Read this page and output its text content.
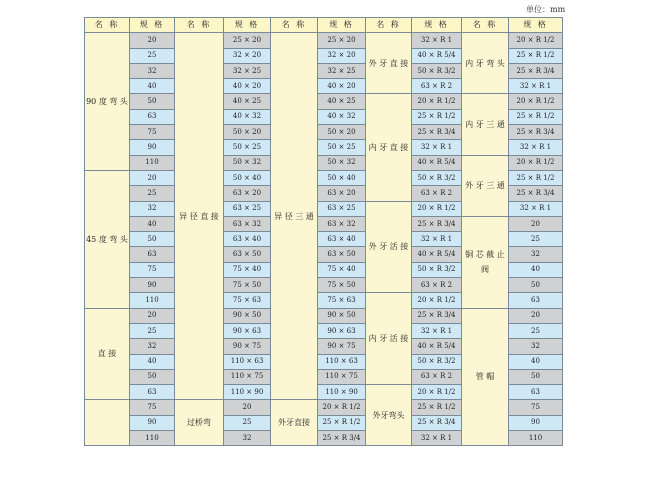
单位：mm
名 称	规 格	名 称	规 格	名 称	规 格	名 称	规 格	名 称	规 格
90 度 弯 头	20	异 径 直 接	25 × 20	异 径 三 通	25 × 20	外 牙 直 接	32 × R 1	内 牙 弯 头	20 × R 1/2
	25		32 × 20		32 × 20		40 × R 5/4		25 × R 1/2
	32		32 × 25		32 × 25		50 × R 3/2		25 × R 3/4
	40		40 × 20		40 × 20		63 × R 2		32 × R 1
	50		40 × 25		40 × 25	内 牙 直 接	20 × R 1/2	内 牙 三 通	20 × R 1/2
	63		40 × 32		40 × 32		25 × R 1/2		25 × R 1/2
	75		50 × 20		50 × 20		25 × R 3/4		25 × R 3/4
	90		50 × 25		50 × 25		32 × R 1		32 × R 1
	110		50 × 32		50 × 32		40 × R 5/4	外 牙 三 通	20 × R 1/2
45 度 弯 头	20		50 × 40		50 × 40		50 × R 3/2		25 × R 1/2
	25		63 × 20		63 × 20		63 × R 2		25 × R 3/4
	32		63 × 25		63 × 25	外 牙 活 接	20 × R 1/2		32 × R 1
	40		63 × 32		63 × 32		25 × R 3/4	铜 芯 截 止 阀	20
	50		63 × 40		63 × 40		32 × R 1		25
	63		63 × 50		63 × 50		40 × R 5/4		32
	75		75 × 40		75 × 40		50 × R 3/2		40
	90		75 × 50		75 × 50		63 × R 2		50
	110		75 × 63		75 × 63	内 牙 活 接	20 × R 1/2		63
直 接	20		90 × 50		90 × 50		25 × R 3/4	管 帽	20
	25		90 × 63		90 × 63		32 × R 1		25
	32		90 × 75		90 × 75		40 × R 5/4		32
	40		110 × 63		110 × 63		50 × R 3/2		40
	50		110 × 75		110 × 75		63 × R 2		50
	63		110 × 90		110 × 90	外牙弯头	20 × R 1/2		63
	75	过桥弯	20	外牙直接	20 × R 1/2		25 × R 1/2		75
	90		25		25 × R 1/2		25 × R 3/4		90
	110		32		25 × R 3/4		32 × R 1		110
